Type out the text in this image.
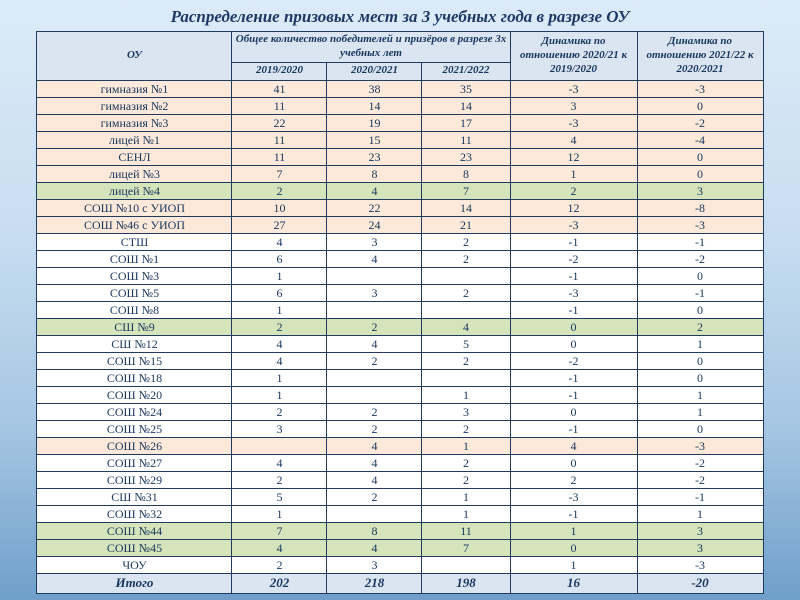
Распределение призовых мест за 3 учебных года в разрезе ОУ
ОУ	Общее количество победителей и призёров в разрезе 3х учебных лет			Динамика по отношению 2020/21 к 2019/2020	Динамика по отношению 2021/22 к 2020/2021
	2019/2020	2020/2021	2021/2022		
гимназия №1	41	38	35	-3	-3
гимназия №2	11	14	14	3	0
гимназия №3	22	19	17	-3	-2
лицей №1	11	15	11	4	-4
СЕНЛ	11	23	23	12	0
лицей №3	7	8	8	1	0
лицей №4	2	4	7	2	3
СОШ №10 с УИОП	10	22	14	12	-8
СОШ №46 с УИОП	27	24	21	-3	-3
СТШ	4	3	2	-1	-1
СОШ №1	6	4	2	-2	-2
СОШ №3	1			-1	0
СОШ №5	6	3	2	-3	-1
СОШ №8	1			-1	0
СШ №9	2	2	4	0	2
СШ №12	4	4	5	0	1
СОШ №15	4	2	2	-2	0
СОШ №18	1			-1	0
СОШ №20	1		1	-1	1
СОШ №24	2	2	3	0	1
СОШ №25	3	2	2	-1	0
СОШ №26		4	1	4	-3
СОШ №27	4	4	2	0	-2
СОШ №29	2	4	2	2	-2
СШ №31	5	2	1	-3	-1
СОШ №32	1		1	-1	1
СОШ №44	7	8	11	1	3
СОШ №45	4	4	7	0	3
ЧОУ	2	3		1	-3
Итого	202	218	198	16	-20
